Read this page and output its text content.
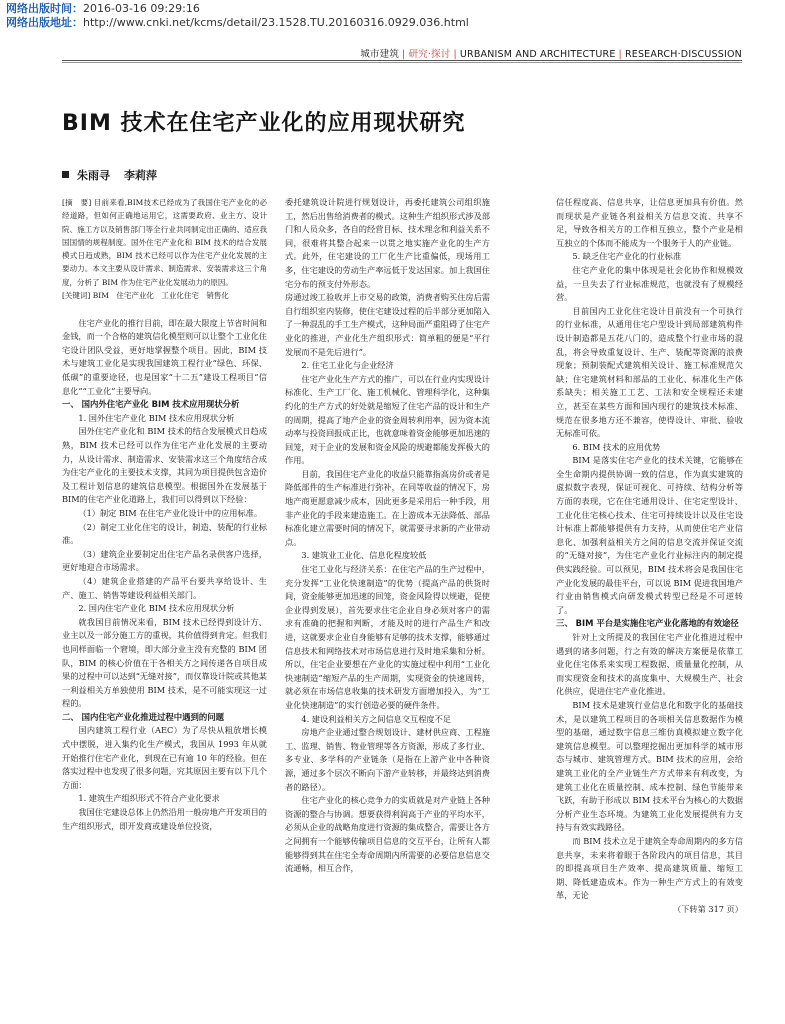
网络出版时间：2016-03-16 09:29:16
网络出版地址：http://www.cnki.net/kcms/detail/23.1528.TU.20160316.0929.036.html
城市建筑 | 研究·探讨 | URBANISM AND ARCHITECTURE | RESEARCH·DISCUSSION
BIM 技术在住宅产业化的应用现状研究
朱雨寻 李莉萍

[摘　要] 目前来看,BIM技术已经成为了我国住宅产业化的必经道路，但如何正确地运用它，这需要政府、业主方、设计院、施工方以及销售部门等全行业共同制定出正确的、适应我国国情的规程制度。国外住宅产业化和 BIM 技术的结合发展模式日趋成熟，BIM 技术已经可以作为住宅产业化发展的主要动力。本文主要从设计需求、制造需求、安装需求这三个角度，分析了 BIM 作为住宅产业化发展动力的原因。

[关键词] BIM　住宅产业化　工业化住宅　销售化

住宅产业化的推行目前，即在最大限度上节省时间和金钱，而一个合格的建筑信化模型则可以让整个工业化住宅设计团队受益，更好地掌握整个项目。因此，BIM 技术与建筑工业化是实现我国建筑工程行业“绿色、环保、低碳”的重要途径，也是国家“十二五”建设工程项目“信息化”“工业化”主要导向。

一、 国内外住宅产业化 BIM 技术应用现状分析
1. 国外住宅产业化 BIM 技术应用现状分析

国外住宅产业化和 BIM 技术的结合发展模式日趋成熟，BIM 技术已经可以作为住宅产业化发展的主要动力，从设计需求、制造需求、安装需求这三个角度结合成为住宅产业化的主要技术支撑，其同为项目提供包含造价及工程计划信息的建筑信息模型。根据国外在发展基于 BIM的住宅产业化道路上，我们可以得到以下经验：

（1）制定 BIM 在住宅产业化设计中的应用标准。

（2）制定工业化住宅的设计，制造、装配的行业标准。

（3）建筑企业要制定出住宅产品名录供客户选择，更好地迎合市场需求。

（4）建筑企业搭建的产品平台要共享给设计、生产、施工、销售等建设利益相关部门。

2. 国内住宅产业化 BIM 技术应用现状分析

就我国目前情况来看，BIM 技术已经得到设计方、业主以及一部分施工方的重视，其价值得到肯定。但我们也同样面临一个窘境，即大部分业主没有充整的 BIM 团队，BIM 的核心价值在于各相关方之间传递各自项目成果的过程中可以达到“无缝对接”，而仅靠设计院或其他某一利益相关方单独使用 BIM 技术，是不可能实现这一过程的。

二、 国内住宅产业化推进过程中遇到的问题

国内建筑工程行业（AEC）为了尽快从粗放增长模式中摆脱，进入集约化生产模式，我国从 1993 年从就开始推行住宅产业化，到现在已有逾 10 年的经验。但在落实过程中也发现了很多问题，究其原因主要有以下几个方面：

1. 建筑生产组织形式不符合产业化要求

我国住宅建设总体上仍然沿用一般房地产开发项目的生产组织形式，即开发商或建设单位投资，

委托建筑设计院进行规划设计，再委托建筑公司组织施工，然后出售给消费者的模式。这种生产组织形式涉及部门和人员众多，各自的经营目标、技术理念和利益关系不同，很难将其整合起来一以贯之地实施产业化的生产方式。此外，住宅建设的工厂化生产比重偏低，现场用工多，住宅建设的劳动生产率远低于发达国家。加上我国住宅分布的预支付外形态。

房通过竣工验收并上市交易的政策，消费者购买住房后需自行组织室内装修，使住宅建设过程的后半部分更加陷入了一种混乱的手工生产模式，这种局面严重阻碍了住宅产业化的推进，产业化生产组织形式：简单粗的便是“平行发展而不是先后进行”。

2. 住宅工业化与企业经济

住宅产业化生产方式的推广，可以在行业内实现设计标准化、生产工厂化、施工机械化、管理科学化，这种集约化的生产方式的好处就是缩短了住宅产品的设计和生产的周期，提高了地产企业的资金周转利用率，因为资本流动率与投资回报成正比，也就意味着资金能够更加迅速的回笼，对于企业的发展和资金风险的规避都能发挥极大的作用。

目前，我国住宅产业化的收益只能靠指高房价或者是降低部件的生产标准进行弥补，在同等收益的情况下，房地产商更愿意减少成本，因此更多是采用后一种手段，用非产业化的手段来建造施工。在上游成本无法降低、部品标准化建立需要时间的情况下，就需要寻求新的产业带动点。

3. 建筑业工业化、信息化程度较低

住宅工业化与经济关系：在住宅产品的生产过程中，充分发挥“工业化快速制造”的优势（提高产品的供货时间，资金能够更加迅速的回笼，资金风险得以规避，促使企业得到发展），首先要求住宅企业自身必须对客户的需求有准确的把握和判断，才能及时的进行产品生产和改进，这就要求企业自身能够有足够的技术支撑，能够通过信息技术和网络技术对市场信息进行及时地采集和分析。所以，住宅企业要想在产业化的实施过程中利用“工业化快速制造”缩短产品的生产周期，实现资金的快速周转，就必须在市场信息收集的技术研发方面增加投入，为“工业化快速制造”的实行创造必要的硬件条件。

4. 建设利益相关方之间信息交互程度不足

房地产企业通过整合规划设计、建材供应商、工程施工、监理、销售、物业管理等各方资源，形成了多行业、多专业、多学科的产业链条（是指在上游产业中各种资源，通过多个层次不断向下游产业转移，并最终达到消费者的路径）。

住宅产业化的核心竞争力的实质就是对产业链上各种资源的整合与协调。想要获得利润高于产业的平均水平，必须从企业的战略角度进行资源的集成整合，需要让各方之间拥有一个能够传输项目信息的交互平台，让所有人都能够得到其在住宅全寿命周期内所需要的必要信息信息交流通畅，相互合作，

信任程度高、信息共享，让信息更加具有价值。然而现状是产业链各利益相关方信息交流、共享不足，导致各相关方的工作相互独立，整个产业是相互独立的个体而不能成为一个服务于人的产业链。

5. 缺乏住宅产业化的行业标准

住宅产业化的集中体现是社会化协作和规模效益，一旦失去了行业标准规范，也就没有了规模经营。

目前国内工业化住宅设计目前没有一个可执行的行业标准，从通用住宅户型设计到局部建筑构件设计制造都是五花八门的，造成整个行业市场的混乱，将会导致重复设计、生产、装配等资源的浪费现象；预制装配式建筑相关设计、施工标准规范欠缺；住宅建筑材料和部品的工业化、标准化生产体系缺失；相关施工工艺、工法和安全规程还未建立，甚至在某些方面和国内现行的建筑技术标准、规范在很多地方还不兼容，使得设计、审批、验收无标准可依。

6. BIM 技术的应用优势

BIM 是落实住宅产业化的技术关键，它能够在全生命期内提供协调一致的信息，作为真实建筑的虚拟数字表现，保证可视化、可持续、结构分析等方面的表现，它在住宅通用设计、住宅定型设计、工业化住宅核心技术、住宅可持续设计以及住宅设计标准上都能够提供有力支持，从而使住宅产业信息化、加强利益相关方之间的信息交流并保证交流的“无缝对接”，为住宅产业化行业标注内的制定提供实践经验。可以预见，BIM 技术将会是我国住宅产业化发展的最佳平台，可以说 BIM 促进我国地产行业由销售模式向研发模式转型已经是不可逆转了。

三、 BIM 平台是实施住宅产业化落地的有效途径

针对上文所提及的我国住宅产业化推进过程中遇到的诸多问题，行之有效的解决方案便是依靠工业化住宅体系来实现工程数据、质量量化控制，从而实现资金和技术的高度集中、大规模生产、社会化供应，促进住宅产业化推进。

BIM 技术是建筑行业信息化和数字化的基础技术，是以建筑工程项目的各项相关信息数据作为模型的基础，通过数字信息三维仿真模拟建立数字化建筑信息模型。可以整理挖掘出更加科学的城市形态与城市、建筑管理方式。BIM 技术的应用，会给建筑工业化的全产业链生产方式带来有利改变，为建筑工业化在质量控制、成本控制、绿色节能带来飞跃，有助于形成以 BIM 技术平台为核心的大数据分析产业生态环境。为建筑工业化发展提供有力支持与有效实践路径。

而 BIM 技术立足于建筑全寿命周期内的多方信息共享，未来将着眼于各阶段内的项目信息，其目的即提高项目生产效率、提高建筑质量、缩短工期、降低建造成本。作为一种生产方式上的有效变革，无论

（下转第 317 页）
